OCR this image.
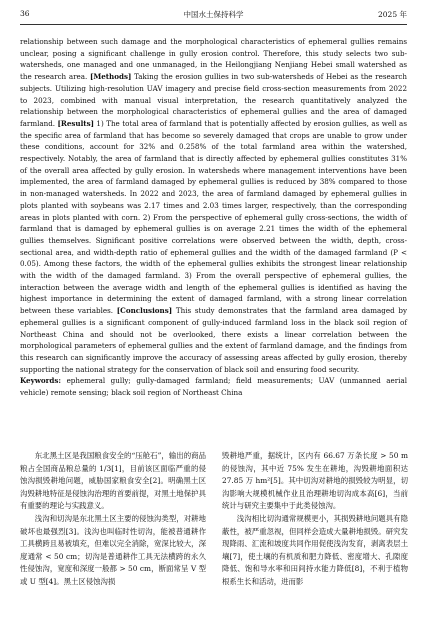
36	中国水土保持科学	2025 年

relationship between such damage and the morphological characteristics of ephemeral gullies remains unclear, posing a significant challenge in gully erosion control. Therefore, this study selects two sub-watersheds, one managed and one unmanaged, in the Heilongjiang Nenjiang Hebei small watershed as the research area. [Methods] Taking the erosion gullies in two sub-watersheds of Hebei as the research subjects. Utilizing high-resolution UAV imagery and precise field cross-section measurements from 2022 to 2023, combined with manual visual interpretation, the research quantitatively analyzed the relationship between the morphological characteristics of ephemeral gullies and the area of damaged farmland. [Results] 1) The total area of farmland that is potentially affected by erosion gullies, as well as the specific area of farmland that has become so severely damaged that crops are unable to grow under these conditions, account for 32% and 0.258% of the total farmland area within the watershed, respectively. Notably, the area of farmland that is directly affected by ephemeral gullies constitutes 31% of the overall area affected by gully erosion. In watersheds where management interventions have been implemented, the area of farmland damaged by ephemeral gullies is reduced by 38% compared to those in non-managed watersheds. In 2022 and 2023, the area of farmland damaged by ephemeral gullies in plots planted with soybeans was 2.17 times and 2.03 times larger, respectively, than the corresponding areas in plots planted with corn. 2) From the perspective of ephemeral gully cross-sections, the width of farmland that is damaged by ephemeral gullies is on average 2.21 times the width of the ephemeral gullies themselves. Significant positive correlations were observed between the width, depth, cross-sectional area, and width-depth ratio of ephemeral gullies and the width of the damaged farmland (P < 0.05). Among these factors, the width of the ephemeral gullies exhibits the strongest linear relationship with the width of the damaged farmland. 3) From the overall perspective of ephemeral gullies, the interaction between the average width and length of the ephemeral gullies is identified as having the highest importance in determining the extent of damaged farmland, with a strong linear correlation between these variables. [Conclusions] This study demonstrates that the farmland area damaged by ephemeral gullies is a significant component of gully-induced farmland loss in the black soil region of Northeast China and should not be overlooked, there exists a linear correlation between the morphological parameters of ephemeral gullies and the extent of farmland damage, and the findings from this research can significantly improve the accuracy of assessing areas affected by gully erosion, thereby supporting the national strategy for the conservation of black soil and ensuring food security.

Keywords: ephemeral gully; gully-damaged farmland; field measurements; UAV (unmanned aerial vehicle) remote sensing; black soil region of Northeast China

东北黑土区是我国粮食安全的“压舱石”，输出的商品粮占全国商品粮总量的 1/3[1]，目前该区面临严重的侵蚀沟损毁耕地问题，威胁国家粮食安全[2]。明确黑土区沟毁耕地特征是侵蚀沟治理的首要前提，对黑土地保护具有重要的理论与实践意义。

浅沟和切沟是东北黑土区主要的侵蚀沟类型，对耕地破坏也最强烈[3]。浅沟也叫临时性切沟，能被普通耕作工具横跨且易被填充，但难以完全消除，宽深比较大，深度通常 < 50 cm；切沟是普通耕作工具无法横跨的永久性侵蚀沟，宽度和深度一般都 > 50 cm，断面常呈 V 型或 U 型[4]。黑土区侵蚀沟损

毁耕地严重，据统计，区内有 66.67 万条长度 > 50 m 的侵蚀沟，其中近 75% 发生在耕地，沟毁耕地面积达 27.85 万 hm²[5]。其中切沟对耕地的损毁较为明显，切沟影响大规模机械作业且治理耕地切沟成本高[6]，当前统计与研究主要集中于此类侵蚀沟。

浅沟相比切沟通常规模更小，其损毁耕地问题具有隐蔽性，被严重忽视，但同样会造成大量耕地损毁。研究发现降雨、汇流和坡度共同作用促使浅沟发育，剥离表层土壤[7]，使土壤的有机质和肥力降低、密度增大、孔隙度降低、饱和导水率和田间持水能力降低[8]，不利于植物根系生长和活动，进而影
